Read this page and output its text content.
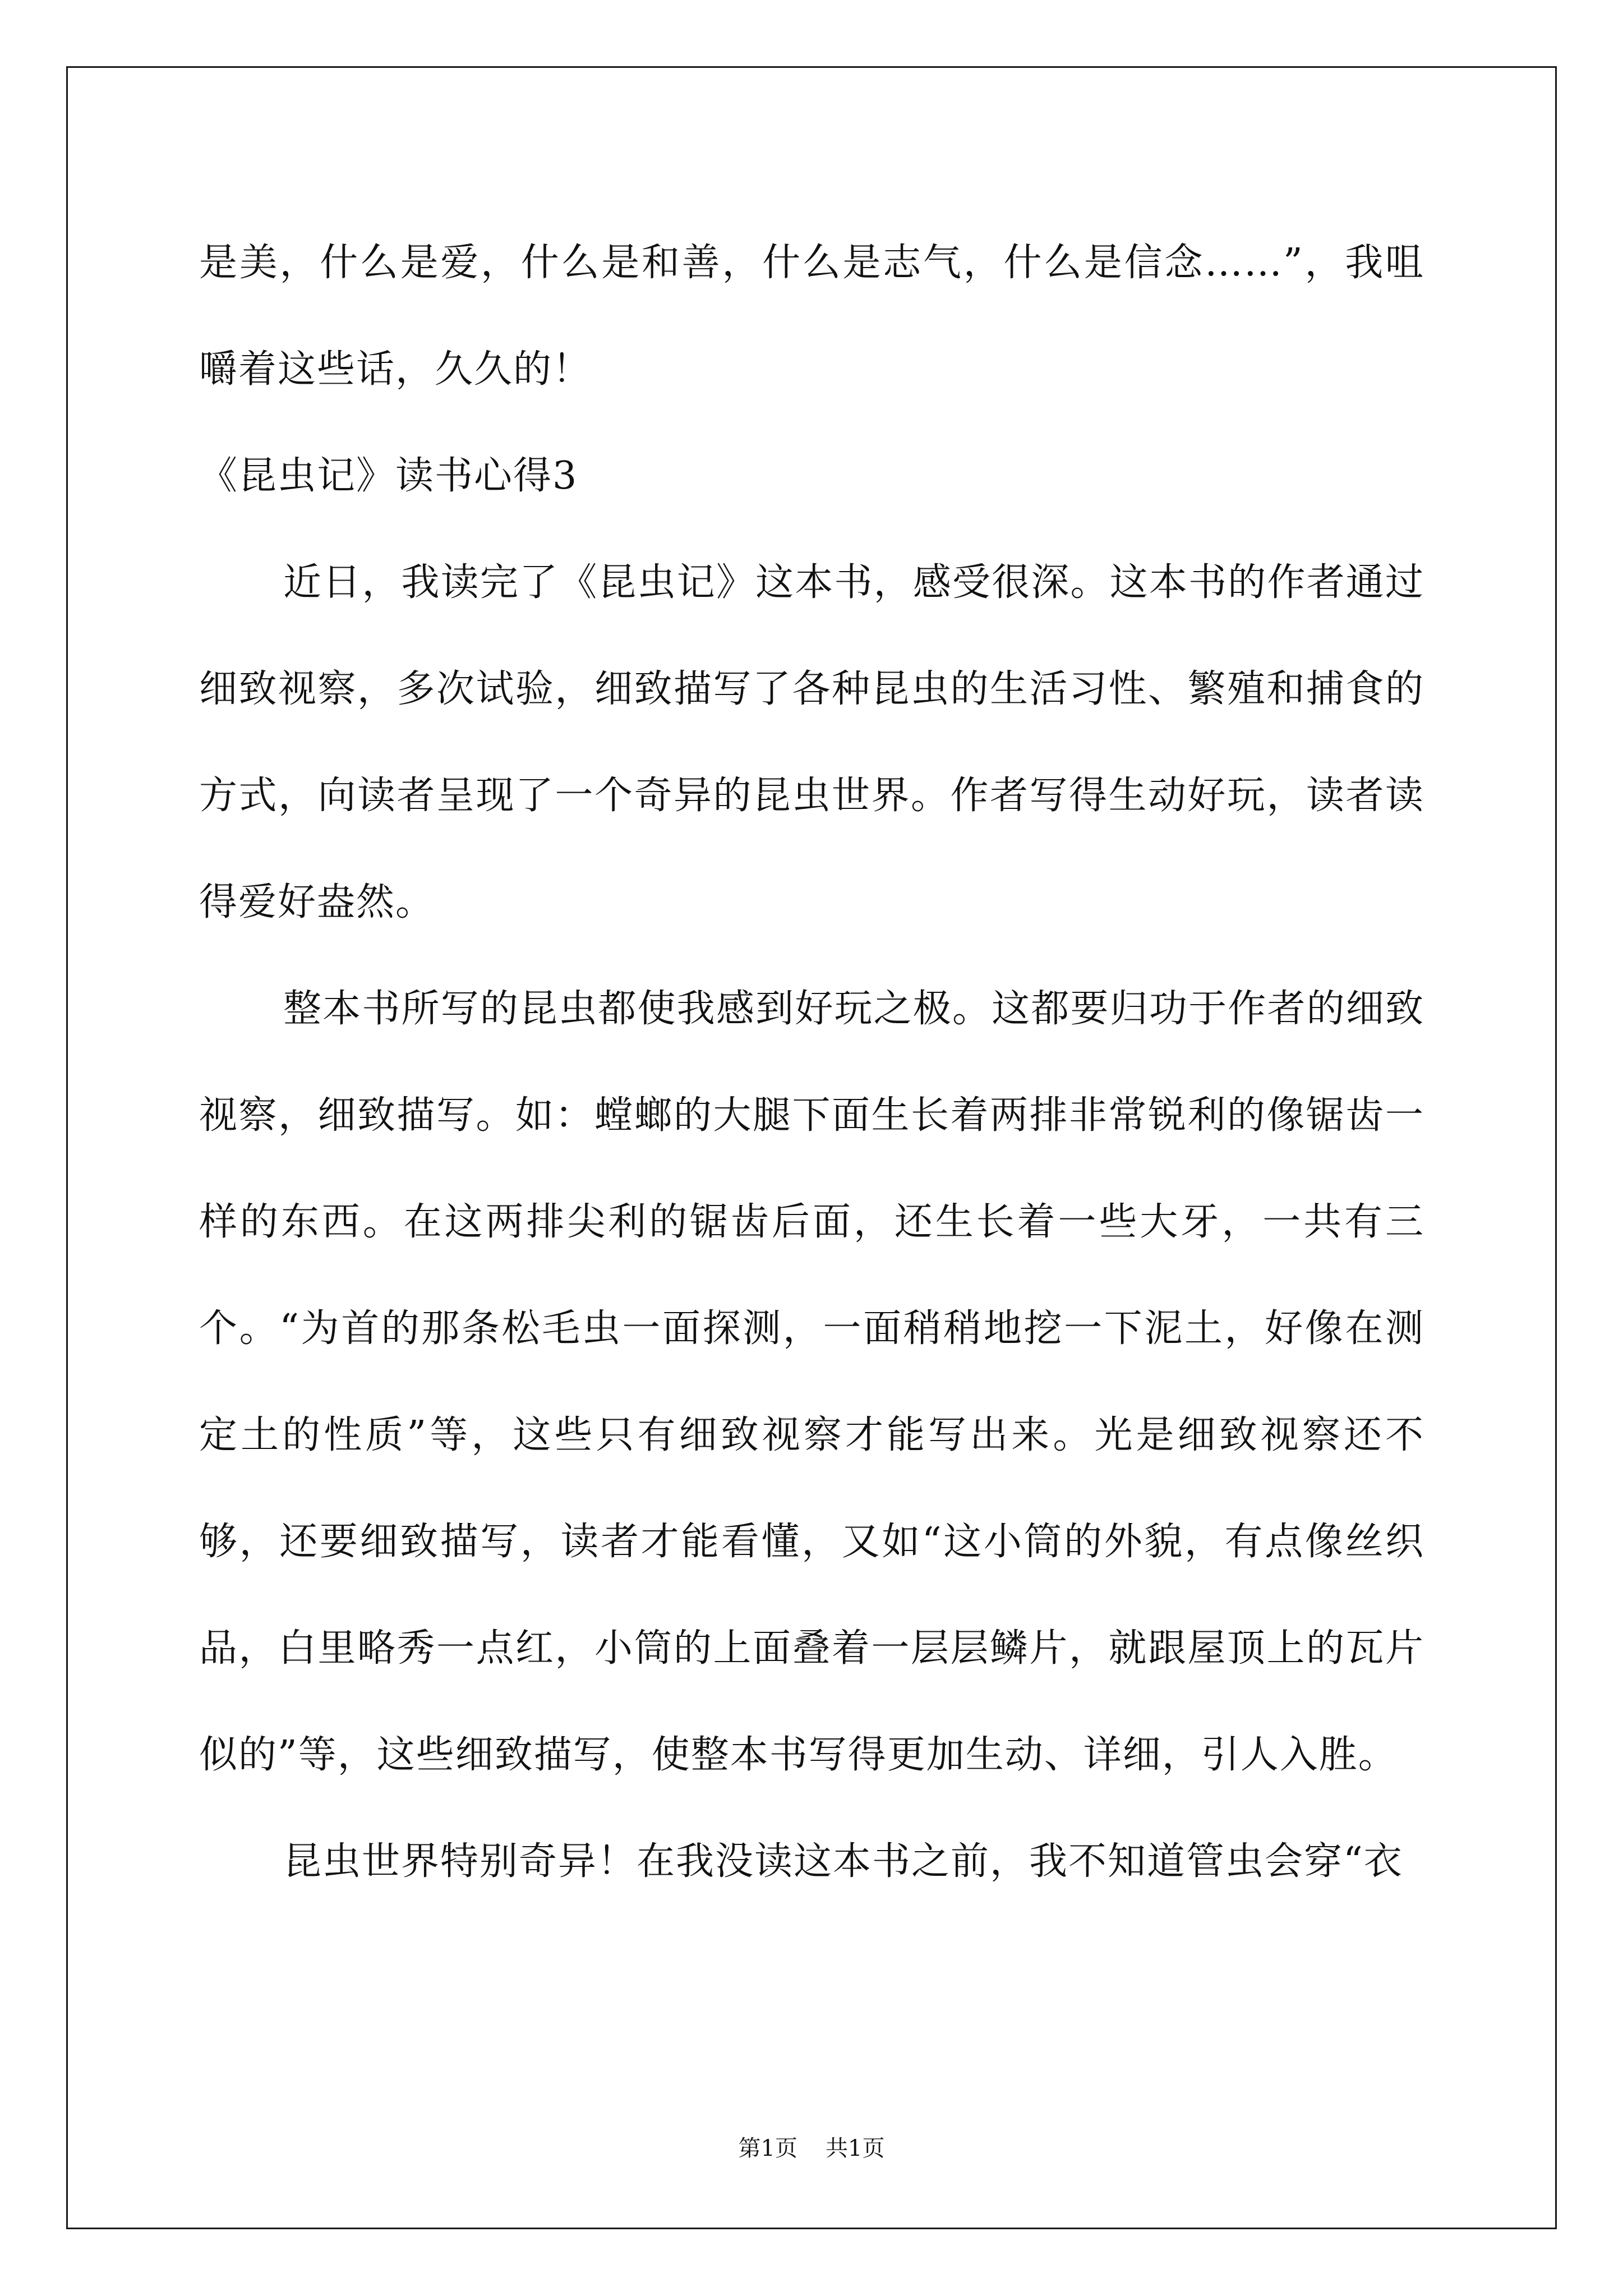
是美，什么是爱，什么是和善，什么是志气，什么是信念……”，我咀嚼着这些话，久久的！

《昆虫记》读书心得3

近日，我读完了《昆虫记》这本书，感受很深。这本书的作者通过细致视察，多次试验，细致描写了各种昆虫的生活习性、繁殖和捕食的方式，向读者呈现了一个奇异的昆虫世界。作者写得生动好玩，读者读得爱好盎然。

整本书所写的昆虫都使我感到好玩之极。这都要归功于作者的细致视察，细致描写。如：螳螂的大腿下面生长着两排非常锐利的像锯齿一样的东西。在这两排尖利的锯齿后面，还生长着一些大牙，一共有三个。“为首的那条松毛虫一面探测，一面稍稍地挖一下泥土，好像在测定土的性质”等，这些只有细致视察才能写出来。光是细致视察还不够，还要细致描写，读者才能看懂，又如“这小筒的外貌，有点像丝织品，白里略秀一点红，小筒的上面叠着一层层鳞片，就跟屋顶上的瓦片似的”等，这些细致描写，使整本书写得更加生动、详细，引人入胜。

昆虫世界特别奇异！在我没读这本书之前，我不知道管虫会穿“衣

第1页 共1页
